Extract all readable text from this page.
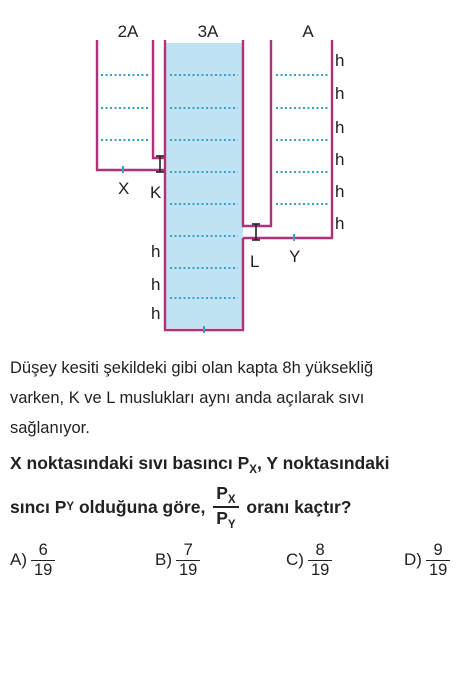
2A	3A	A
h
h
h
h
h
h
h
h
h
X K
L Y
Düşey kesiti şekildeki gibi olan kapta 8h yüksekliğ
varken, K ve L muslukları aynı anda açılarak sıvı
sağlanıyor.
X noktasındaki sıvı basıncı $P_X$, Y noktasındaki
sıncı P Y olduğuna göre, $\frac{P_X}{P_Y}$ oranı kaçtır?
$A) \frac{6}{19}$	$B) \frac{7}{19}$	$C) \frac{8}{19}$	$D) \frac{9}{19}$
